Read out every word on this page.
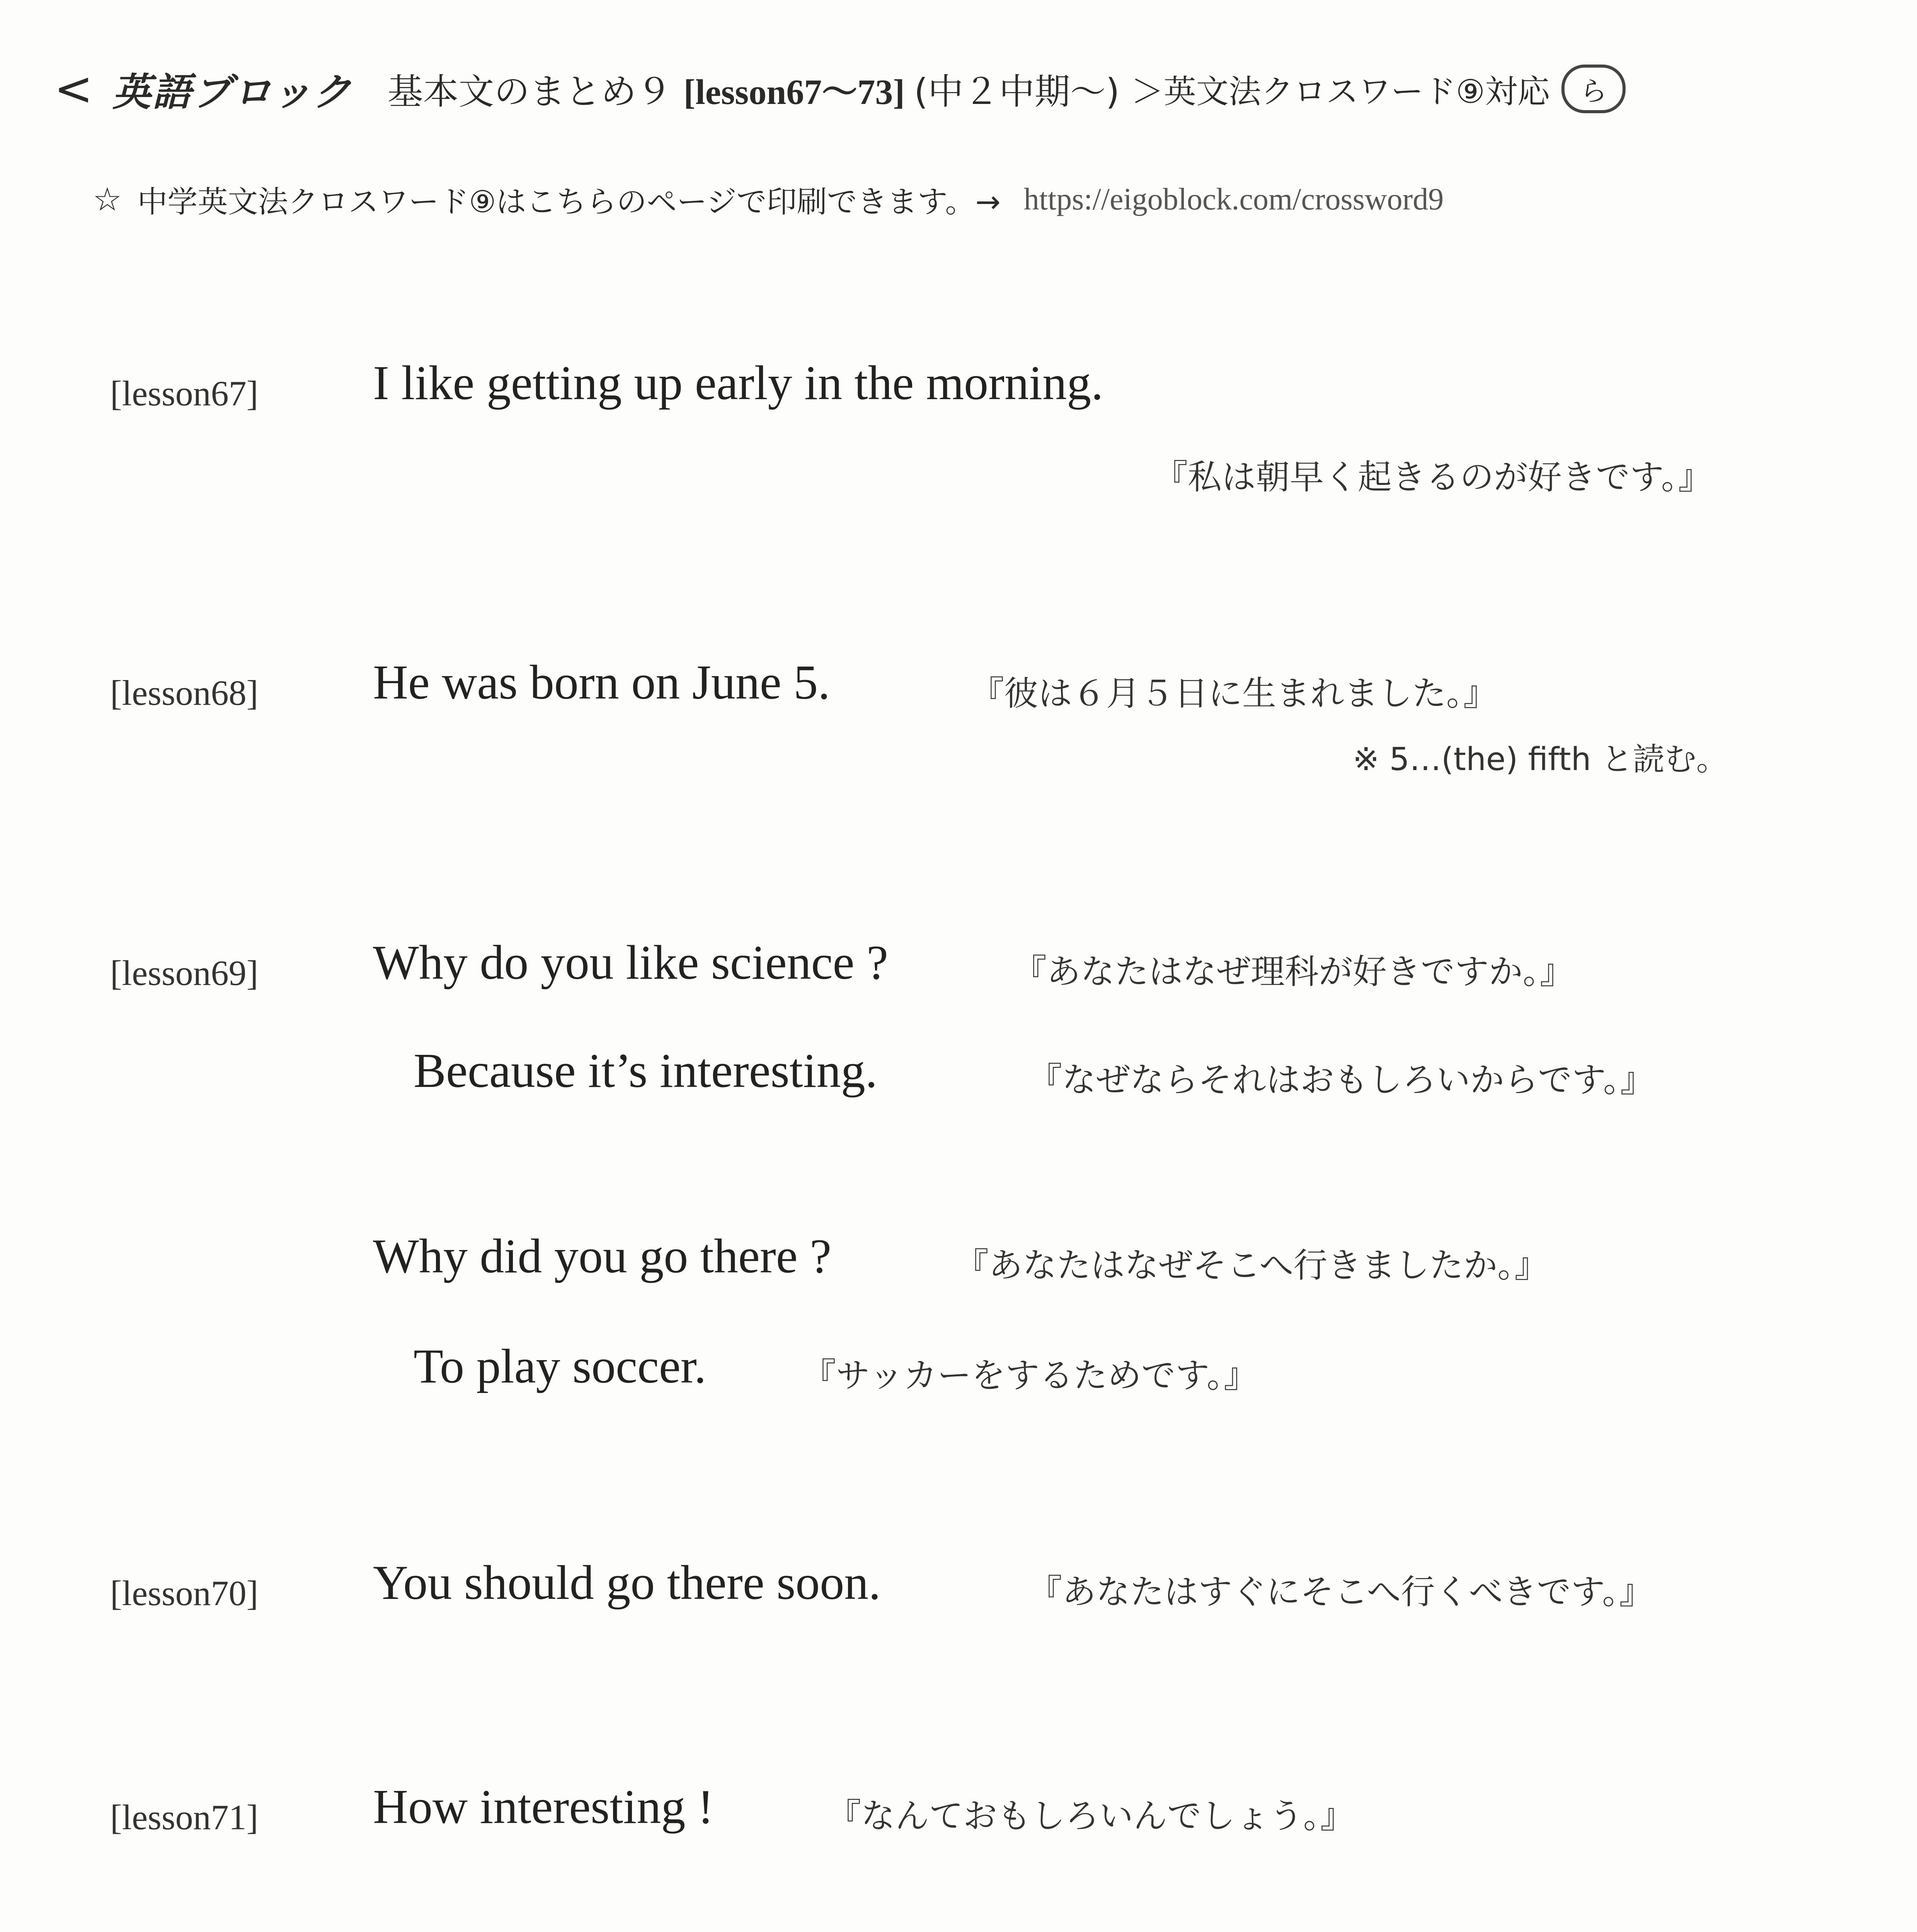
< 英語ブロック 基本文のまとめ９ [lesson67〜73] (中２中期〜) ＞英文法クロスワード⑨対応	ら
☆ 中学英文法クロスワード⑨はこちらのページで印刷できます。→ https://eigoblock.com/crossword9
[lesson67] I like getting up early in the morning.
『私は朝早く起きるのが好きです。』
[lesson68] He was born on June 5.	『彼は６月５日に生まれました。』
※ 5…(the) fifth と読む。
[lesson69] Why do you like science ?	『あなたはなぜ理科が好きですか。』
Because it’s interesting.	『なぜならそれはおもしろいからです。』
Why did you go there ?	『あなたはなぜそこへ行きましたか。』
To play soccer.	『サッカーをするためです。』
[lesson70] You should go there soon.	『あなたはすぐにそこへ行くべきです。』
[lesson71] How interesting !	『なんておもしろいんでしょう。』
